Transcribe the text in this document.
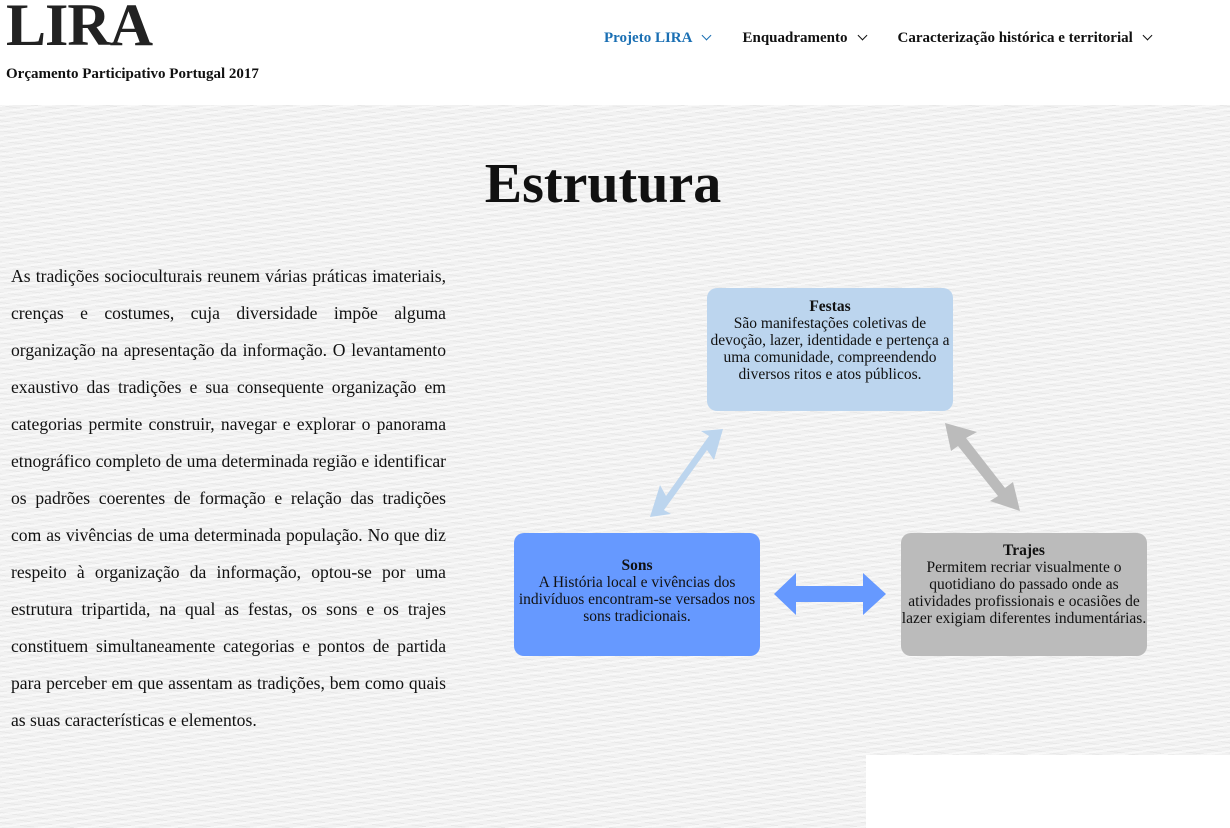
LIRA
Orçamento Participativo Portugal 2017
Projeto LIRA	Enquadramento	Caracterização histórica e territorial
Estrutura

As tradições socioculturais reunem várias práticas imateriais, crenças e costumes, cuja diversidade impõe alguma organização na apresentação da informação. O levantamento exaustivo das tradições e sua consequente organização em categorias permite construir, navegar e explorar o panorama etnográfico completo de uma determinada região e identificar os padrões coerentes de formação e relação das tradições com as vivências de uma determinada população. No que diz respeito à organização da informação, optou-se por uma estrutura tripartida, na qual as festas, os sons e os trajes constituem simultaneamente categorias e pontos de partida para perceber em que assentam as tradições, bem como quais as suas características e elementos.

Festas
São manifestações coletivas de devoção, lazer, identidade e pertença a uma comunidade, compreendendo diversos ritos e atos públicos.
Sons
A História local e vivências dos indivíduos encontram-se versados nos sons tradicionais.
Trajes
Permitem recriar visualmente o quotidiano do passado onde as atividades profissionais e ocasiões de lazer exigiam diferentes indumentárias.
